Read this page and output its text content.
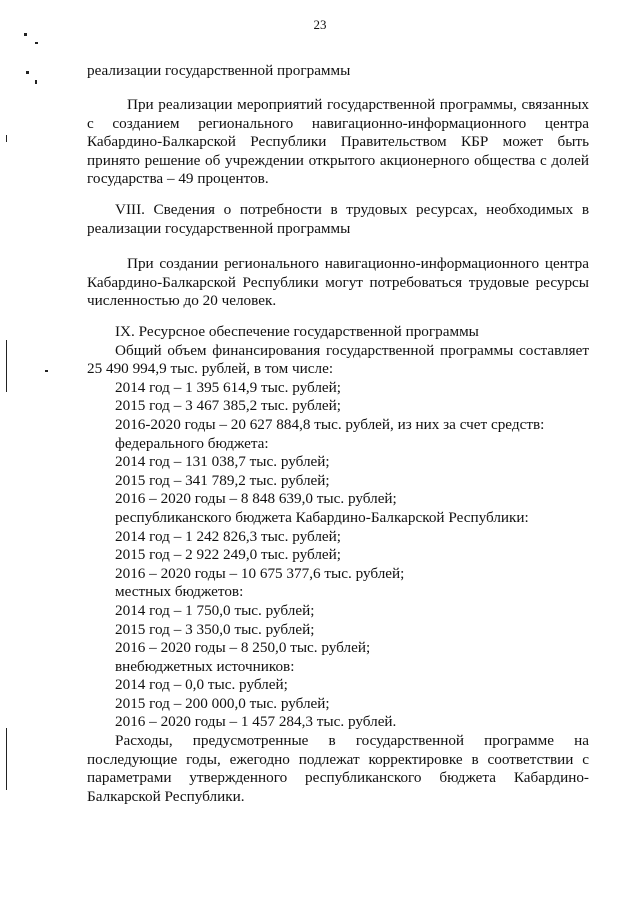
23

реализации государственной программы

При реализации мероприятий государственной программы, связанных с созданием регионального навигационно-информационного центра Кабардино-Балкарской Республики Правительством КБР может быть принято решение об учреждении открытого акционерного общества с долей государства – 49 процентов.

VIII. Сведения о потребности в трудовых ресурсах, необходимых в реализации государственной программы

При создании регионального навигационно-информационного центра Кабардино-Балкарской Республики могут потребоваться трудовые ресурсы численностью до 20 человек.

IX. Ресурсное обеспечение государственной программы

Общий объем финансирования государственной программы составляет 25 490 994,9 тыс. рублей, в том числе:

2014 год – 1 395 614,9 тыс. рублей;

2015 год – 3 467 385,2 тыс. рублей;

2016-2020 годы – 20 627 884,8 тыс. рублей, из них за счет средств:

федерального бюджета:

2014 год – 131 038,7 тыс. рублей;

2015 год – 341 789,2 тыс. рублей;

2016 – 2020 годы – 8 848 639,0 тыс. рублей;

республиканского бюджета Кабардино-Балкарской Республики:

2014 год – 1 242 826,3 тыс. рублей;

2015 год – 2 922 249,0 тыс. рублей;

2016 – 2020 годы – 10 675 377,6 тыс. рублей;

местных бюджетов:

2014 год – 1 750,0 тыс. рублей;

2015 год – 3 350,0 тыс. рублей;

2016 – 2020 годы – 8 250,0 тыс. рублей;

внебюджетных источников:

2014 год – 0,0 тыс. рублей;

2015 год – 200 000,0 тыс. рублей;

2016 – 2020 годы – 1 457 284,3 тыс. рублей.

Расходы, предусмотренные в государственной программе на последующие годы, ежегодно подлежат корректировке в соответствии с параметрами утвержденного республиканского бюджета Кабардино-Балкарской Республики.
